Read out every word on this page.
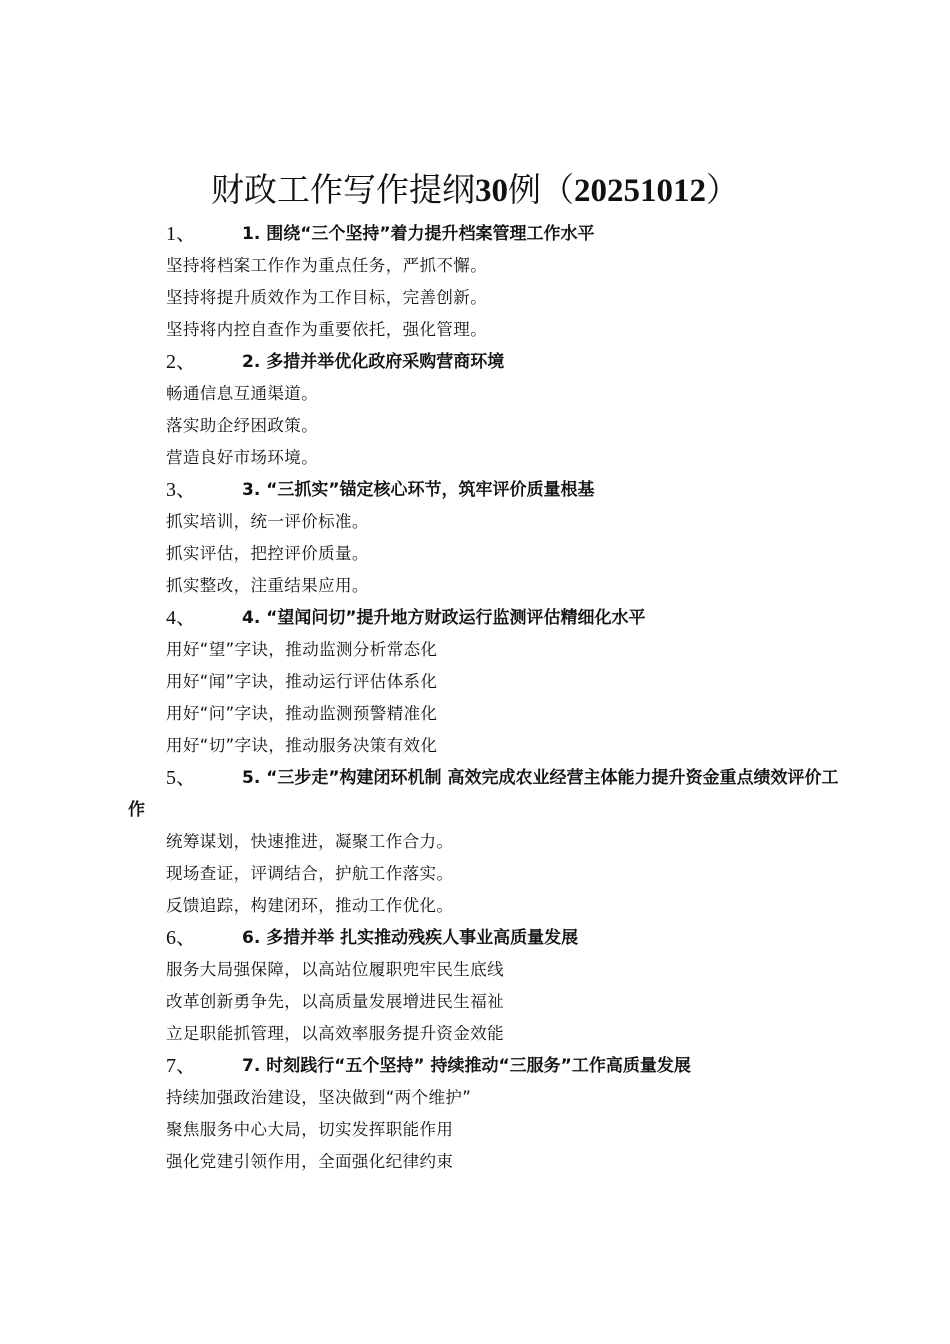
财政工作写作提纲30例（20251012）
1、	1. 围绕“三个坚持”着力提升档案管理工作水平
坚持将档案工作作为重点任务，严抓不懈。
坚持将提升质效作为工作目标，完善创新。
坚持将内控自查作为重要依托，强化管理。
2、	2. 多措并举优化政府采购营商环境
畅通信息互通渠道。
落实助企纾困政策。
营造良好市场环境。
3、	3. “三抓实”锚定核心环节，筑牢评价质量根基
抓实培训，统一评价标准。
抓实评估，把控评价质量。
抓实整改，注重结果应用。
4、	4. “望闻问切”提升地方财政运行监测评估精细化水平
用好“望”字诀，推动监测分析常态化
用好“闻”字诀，推动运行评估体系化
用好“问”字诀，推动监测预警精准化
用好“切”字诀，推动服务决策有效化
5、	5. “三步走”构建闭环机制 高效完成农业经营主体能力提升资金重点绩效评价工作
统筹谋划，快速推进，凝聚工作合力。
现场查证，评调结合，护航工作落实。
反馈追踪，构建闭环，推动工作优化。
6、	6. 多措并举 扎实推动残疾人事业高质量发展
服务大局强保障，以高站位履职兜牢民生底线
改革创新勇争先，以高质量发展增进民生福祉
立足职能抓管理，以高效率服务提升资金效能
7、	7. 时刻践行“五个坚持” 持续推动“三服务”工作高质量发展
持续加强政治建设，坚决做到“两个维护”
聚焦服务中心大局，切实发挥职能作用
强化党建引领作用，全面强化纪律约束
